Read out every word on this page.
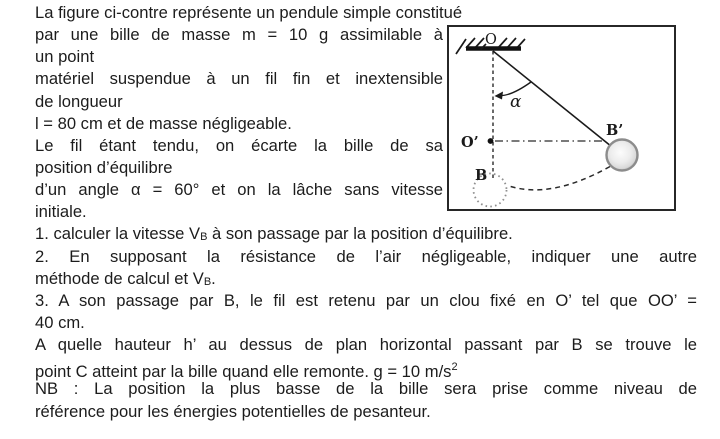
La figure ci-contre représente un pendule simple constitué
par une bille de masse m = 10 g assimilable à
un point
matériel suspendue à un fil fin et inextensible
de longueur
l = 80 cm et de masse négligeable.
Le fil étant tendu, on écarte la bille de sa
position d’équilibre
d’un angle α = 60° et on la lâche sans vitesse
initiale.
1. calculer la vitesse VB à son passage par la position d’équilibre.
2. En supposant la résistance de l’air négligeable, indiquer une autre
méthode de calcul et VB.
3. A son passage par B, le fil est retenu par un clou fixé en O’ tel que OO’ =
40 cm.
A quelle hauteur h’ au dessus de plan horizontal passant par B se trouve le
point C atteint par la bille quand elle remonte. g = 10 $m/s^2$
NB : La position la plus basse de la bille sera prise comme niveau de
référence pour les énergies potentielles de pesanteur.
O
α
O’
B’
B
